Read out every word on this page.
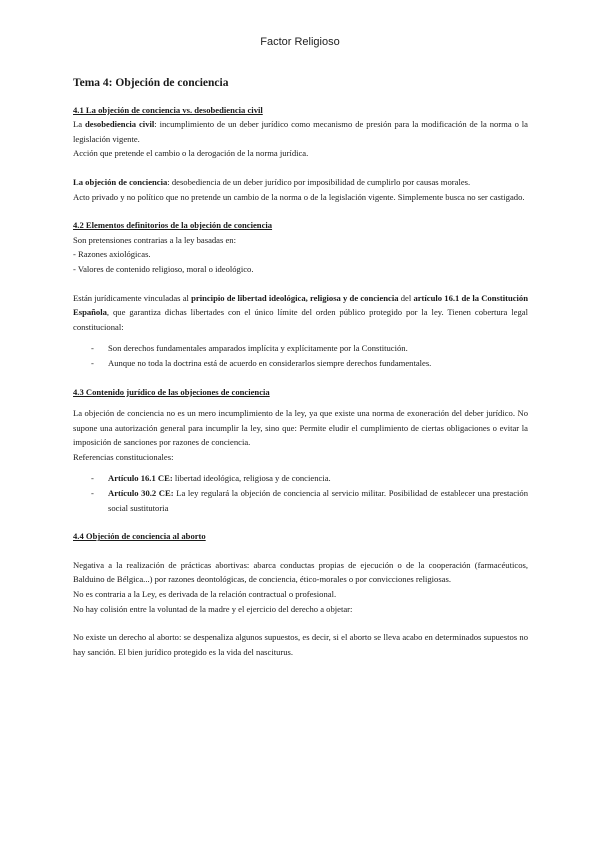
Factor Religioso

Tema 4: Objeción de conciencia

4.1 La objeción de conciencia vs. desobediencia civil

La desobediencia civil: incumplimiento de un deber jurídico como mecanismo de presión para la modificación de la norma o la legislación vigente.

Acción que pretende el cambio o la derogación de la norma jurídica.

La objeción de conciencia: desobediencia de un deber jurídico por imposibilidad de cumplirlo por causas morales.

Acto privado y no político que no pretende un cambio de la norma o de la legislación vigente. Simplemente busca no ser castigado.

4.2 Elementos definitorios de la objeción de conciencia

Son pretensiones contrarias a la ley basadas en:

- Razones axiológicas.

- Valores de contenido religioso, moral o ideológico.

Están jurídicamente vinculadas al principio de libertad ideológica, religiosa y de conciencia del artículo 16.1 de la Constitución Española, que garantiza dichas libertades con el único límite del orden público protegido por la ley. Tienen cobertura legal constitucional:

- Son derechos fundamentales amparados implícita y explícitamente por la Constitución.
- Aunque no toda la doctrina está de acuerdo en considerarlos siempre derechos fundamentales.

4.3 Contenido jurídico de las objeciones de conciencia

La objeción de conciencia no es un mero incumplimiento de la ley, ya que existe una norma de exoneración del deber jurídico. No supone una autorización general para incumplir la ley, sino que: Permite eludir el cumplimiento de ciertas obligaciones o evitar la imposición de sanciones por razones de conciencia.

Referencias constitucionales:

- Artículo 16.1 CE: libertad ideológica, religiosa y de conciencia.
- Artículo 30.2 CE: La ley regulará la objeción de conciencia al servicio militar. Posibilidad de establecer una prestación social sustitutoria

4.4 Objeción de conciencia al aborto

Negativa a la realización de prácticas abortivas: abarca conductas propias de ejecución o de la cooperación (farmacéuticos, Balduino de Bélgica...) por razones deontológicas, de conciencia, ético-morales o por convicciones religiosas.

No es contraria a la Ley, es derivada de la relación contractual o profesional.

No hay colisión entre la voluntad de la madre y el ejercicio del derecho a objetar:

No existe un derecho al aborto: se despenaliza algunos supuestos, es decir, si el aborto se lleva acabo en determinados supuestos no hay sanción. El bien jurídico protegido es la vida del nasciturus.
